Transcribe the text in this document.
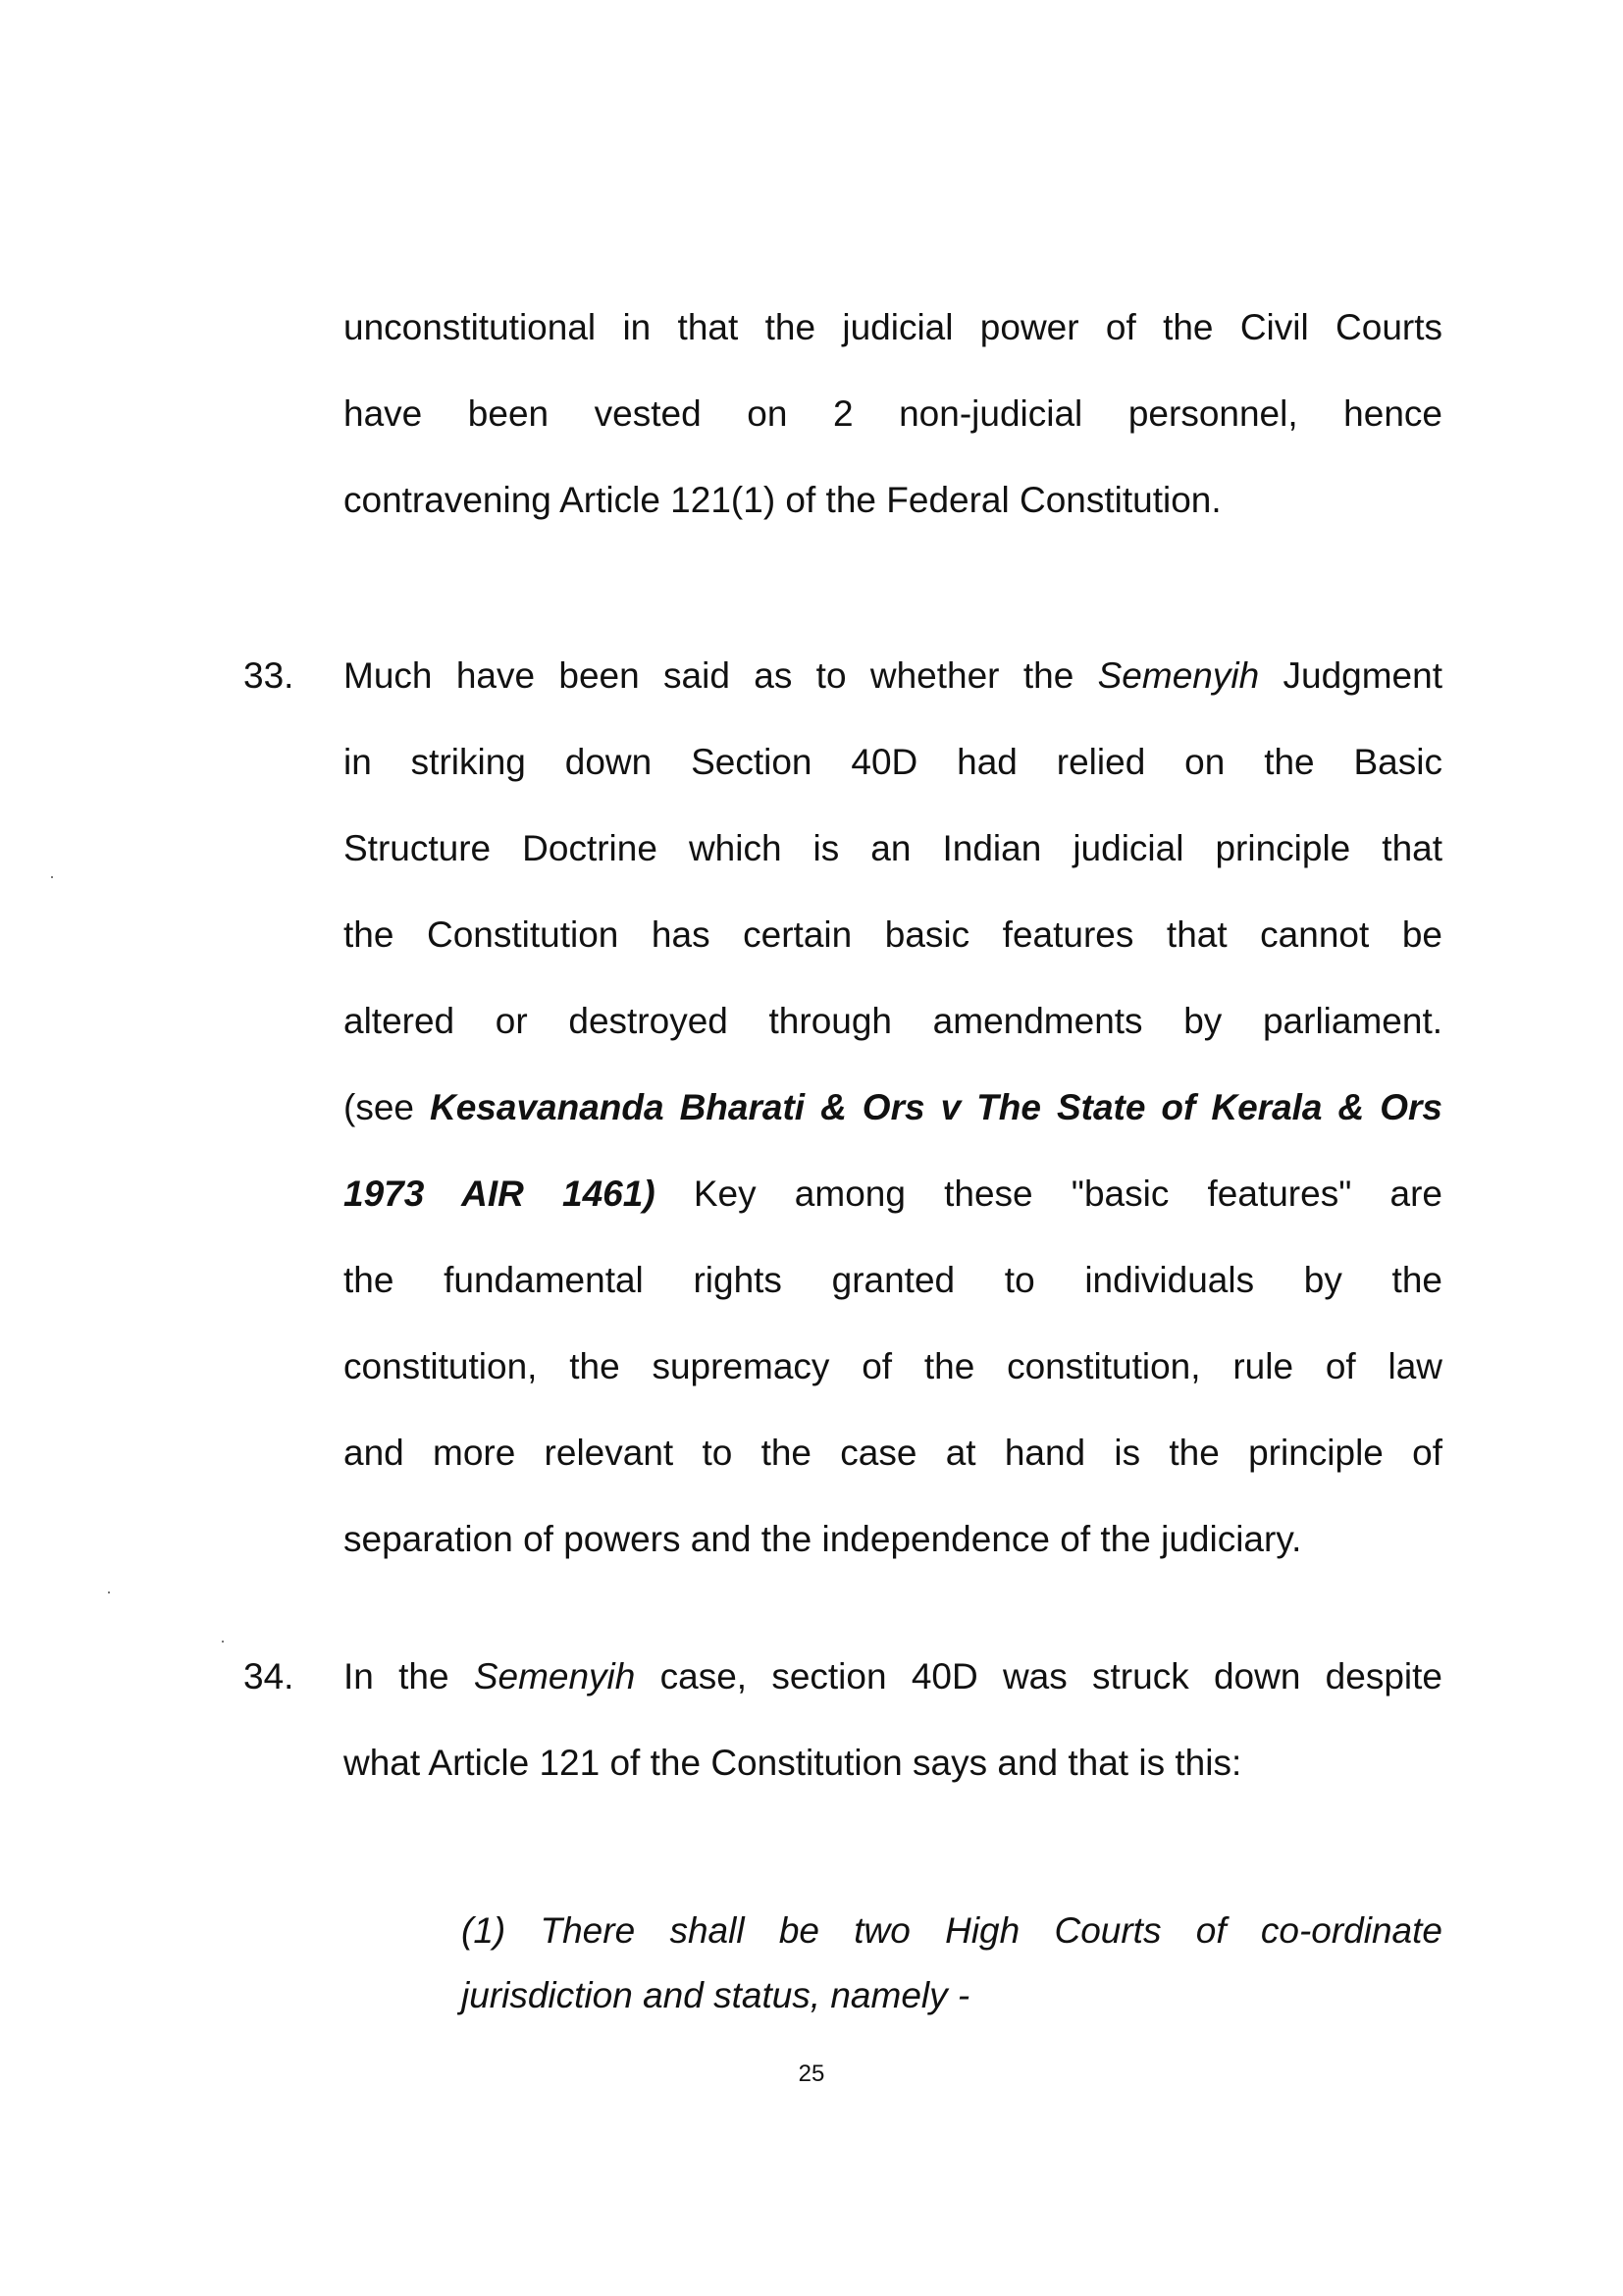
unconstitutional in that the judicial power of the Civil Courts
have been vested on 2 non-judicial personnel, hence
contravening Article 121(1) of the Federal Constitution.
33. Much have been said as to whether the Semenyih Judgment
in striking down Section 40D had relied on the Basic
Structure Doctrine which is an Indian judicial principle that
the Constitution has certain basic features that cannot be
altered or destroyed through amendments by parliament.
(see Kesavananda Bharati & Ors v The State of Kerala & Ors
1973 AIR 1461) Key among these "basic features" are
the fundamental rights granted to individuals by the
constitution, the supremacy of the constitution, rule of law
and more relevant to the case at hand is the principle of
separation of powers and the independence of the judiciary.
34. In the Semenyih case, section 40D was struck down despite
what Article 121 of the Constitution says and that is this:
(1) There shall be two High Courts of co-ordinate
jurisdiction and status, namely -
25
